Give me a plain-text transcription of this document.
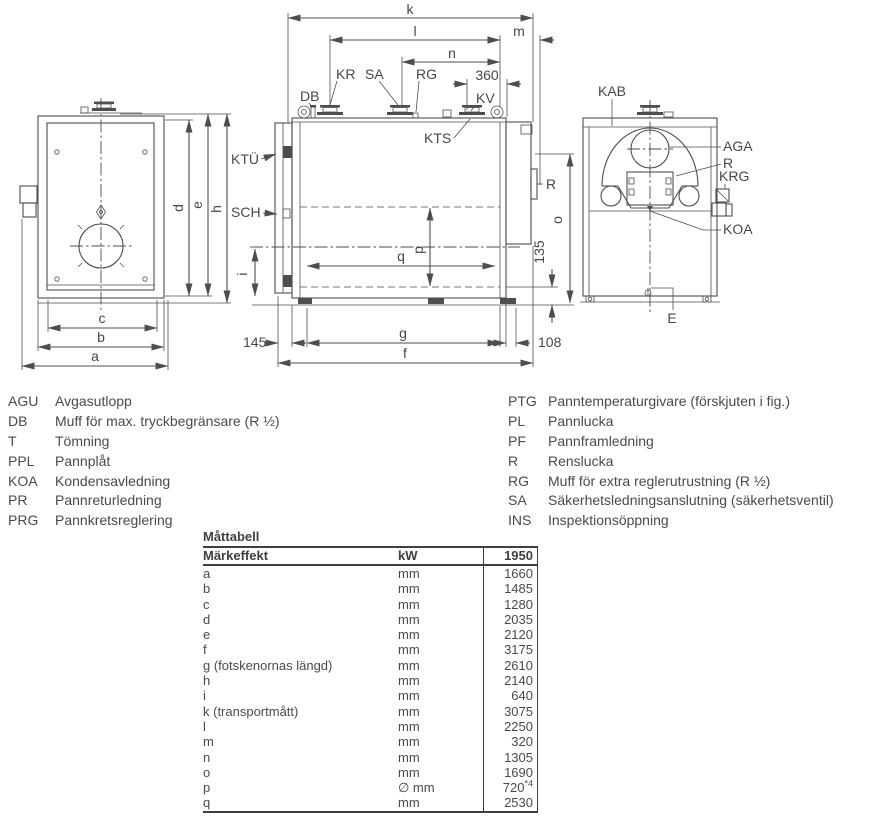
k
l	m
n
360
c
b
a
d e
h
q p
i
145
g
f
108
135
o
DB
KR SA RG
KV
KTS
KTÜ
SCH
R
KAB
AGA
R
KRG
KOA
E
AGU	Avgasutlopp
DB	Muff för max. tryckbegränsare (R ½)
T	Tömning
PPL	Pannplåt
KOA	Kondensavledning
PR	Pannreturledning
PRG	Pannkretsreglering
PTG Panntemperaturgivare (förskjuten i fig.)
PL	Pannlucka
PF	Pannframledning
R	Renslucka
RG	Muff för extra reglerutrustning (R ½)
SA	Säkerhetsledningsanslutning (säkerhetsventil)
INS	Inspektionsöppning
Måttabell
Märkeffekt	kW	1950
a	mm	1660
b	mm	1485
c	mm	1280
d	mm	2035
e	mm	2120
f	mm	3175
g (fotskenornas längd)	mm	2610
h	mm	2140
i	mm	640
k (transportmått)	mm	3075
l	mm	2250
m	mm	320
n	mm	1305
o	mm	1690
p	∅ mm	720$^{*4}$
q	mm	2530
